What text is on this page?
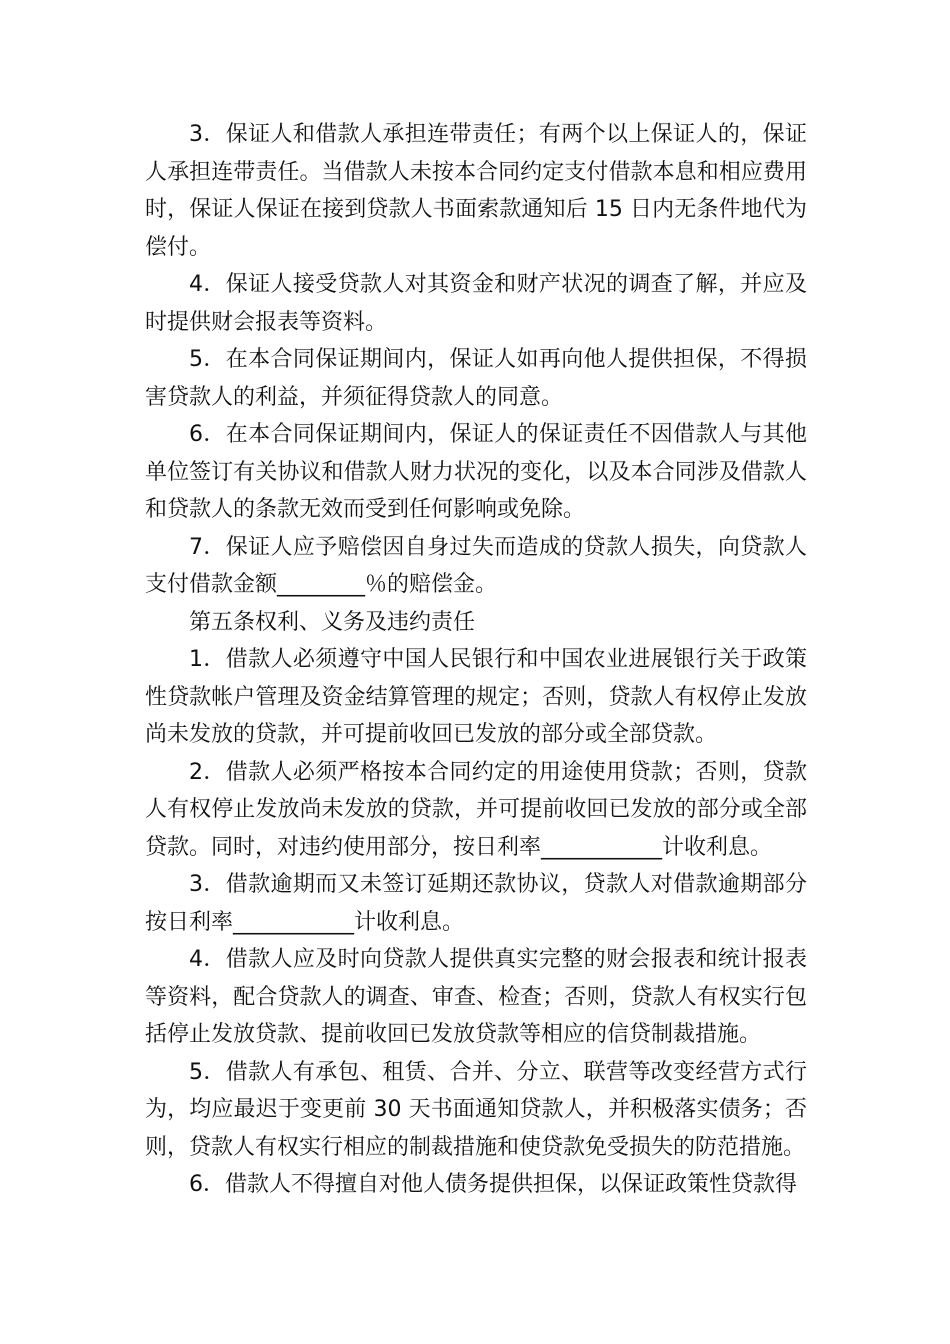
3．保证人和借款人承担连带责任；有两个以上保证人的，保证人承担连带责任。当借款人未按本合同约定支付借款本息和相应费用时，保证人保证在接到贷款人书面索款通知后 15 日内无条件地代为偿付。

4．保证人接受贷款人对其资金和财产状况的调查了解，并应及时提供财会报表等资料。

5．在本合同保证期间内，保证人如再向他人提供担保，不得损害贷款人的利益，并须征得贷款人的同意。

6．在本合同保证期间内，保证人的保证责任不因借款人与其他单位签订有关协议和借款人财力状况的变化，以及本合同涉及借款人和贷款人的条款无效而受到任何影响或免除。

7．保证人应予赔偿因自身过失而造成的贷款人损失，向贷款人支付借款金额________％的赔偿金。

第五条权利、义务及违约责任

1．借款人必须遵守中国人民银行和中国农业进展银行关于政策性贷款帐户管理及资金结算管理的规定；否则，贷款人有权停止发放尚未发放的贷款，并可提前收回已发放的部分或全部贷款。

2．借款人必须严格按本合同约定的用途使用贷款；否则，贷款人有权停止发放尚未发放的贷款，并可提前收回已发放的部分或全部贷款。同时，对违约使用部分，按日利率___________计收利息。

3．借款逾期而又未签订延期还款协议，贷款人对借款逾期部分按日利率___________计收利息。

4．借款人应及时向贷款人提供真实完整的财会报表和统计报表等资料，配合贷款人的调查、审查、检查；否则，贷款人有权实行包括停止发放贷款、提前收回已发放贷款等相应的信贷制裁措施。

5．借款人有承包、租赁、合并、分立、联营等改变经营方式行为，均应最迟于变更前 30 天书面通知贷款人，并积极落实债务；否则，贷款人有权实行相应的制裁措施和使贷款免受损失的防范措施。

6．借款人不得擅自对他人债务提供担保，以保证政策性贷款得
